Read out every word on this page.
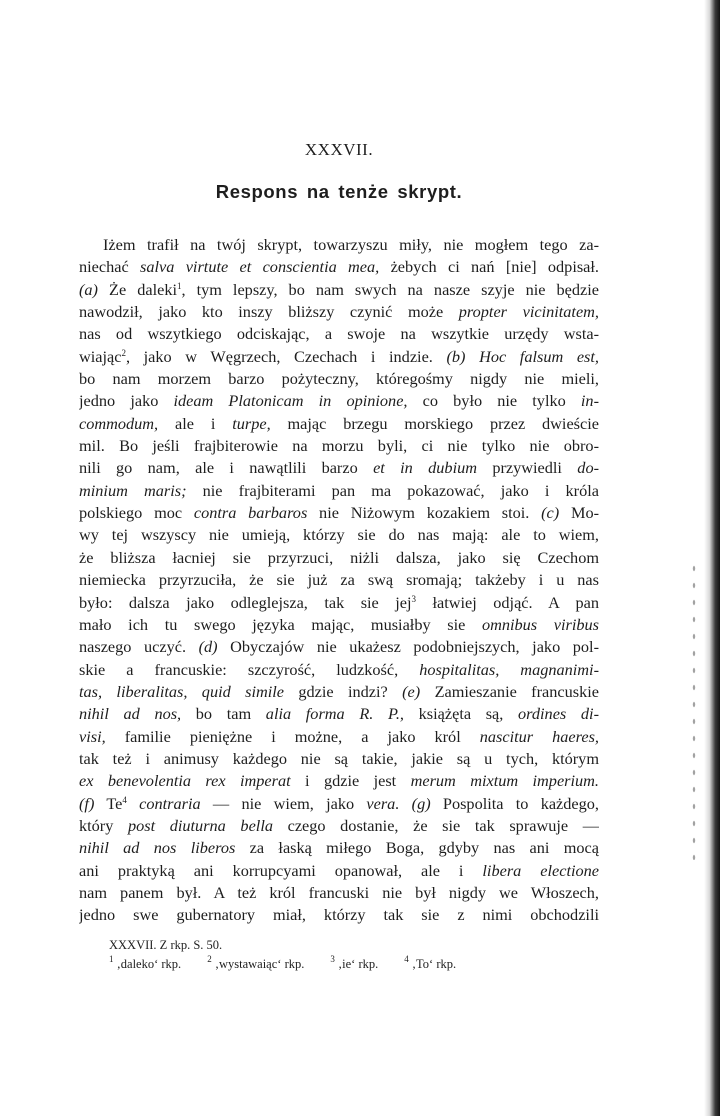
XXXVII.
Respons na tenże skrypt.
Iżem trafił na twój skrypt, towarzyszu miły, nie mogłem tego za-
niechać salva virtute et conscientia mea, żebych ci nań [nie] odpisał.
(a) Że daleki$^1$, tym lepszy, bo nam swych na nasze szyje nie będzie
nawodził, jako kto inszy bliższy czynić może propter vicinitatem,
nas od wszytkiego odciskając, a swoje na wszytkie urzędy wsta-
wiając$^2$, jako w Węgrzech, Czechach i indzie. (b) Hoc falsum est,
bo nam morzem barzo pożyteczny, któregośmy nigdy nie mieli,
jedno jako ideam Platonicam in opinione, co było nie tylko in-
commodum, ale i turpe, mając brzegu morskiego przez dwieście
mil. Bo jeśli frajbiterowie na morzu byli, ci nie tylko nie obro-
nili go nam, ale i nawątlili barzo et in dubium przywiedli do-
minium maris; nie frajbiterami pan ma pokazować, jako i króla
polskiego moc contra barbaros nie Niżowym kozakiem stoi. (c) Mo-
wy tej wszyscy nie umieją, którzy sie do nas mają: ale to wiem,
że bliższa łacniej sie przyrzuci, niżli dalsza, jako się Czechom
niemiecka przyrzuciła, że sie już za swą sromają; takżeby i u nas
było: dalsza jako odleglejsza, tak sie jej$^3$ łatwiej odjąć. A pan
mało ich tu swego języka mając, musiałby sie omnibus viribus
naszego uczyć. (d) Obyczajów nie ukażesz podobniejszych, jako pol-
skie a francuskie: szczyrość, ludzkość, hospitalitas, magnanimi-
tas, liberalitas, quid simile gdzie indzi? (e) Zamieszanie francuskie
nihil ad nos, bo tam alia forma R. P., książęta są, ordines di-
visi, familie pieniężne i możne, a jako król nascitur haeres,
tak też i animusy każdego nie są takie, jakie są u tych, którym
ex benevolentia rex imperat i gdzie jest merum mixtum imperium.
(f) Te$^4$ contraria — nie wiem, jako vera. (g) Pospolita to każdego,
który post diuturna bella czego dostanie, że sie tak sprawuje —
nihil ad nos liberos za łaską miłego Boga, gdyby nas ani mocą
ani praktyką ani korrupcyami opanował, ale i libera electione
nam panem był. A też król francuski nie był nigdy we Włoszech,
jedno swe gubernatory miał, którzy tak sie z nimi obchodzili
XXXVII. Z rkp. S. 50.
$^1$ ‚daleko‘ rkp.	$^2$ ‚wystawaiąc‘ rkp.	$^3$ ‚ie‘ rkp.	$^4$ ‚To‘ rkp.
